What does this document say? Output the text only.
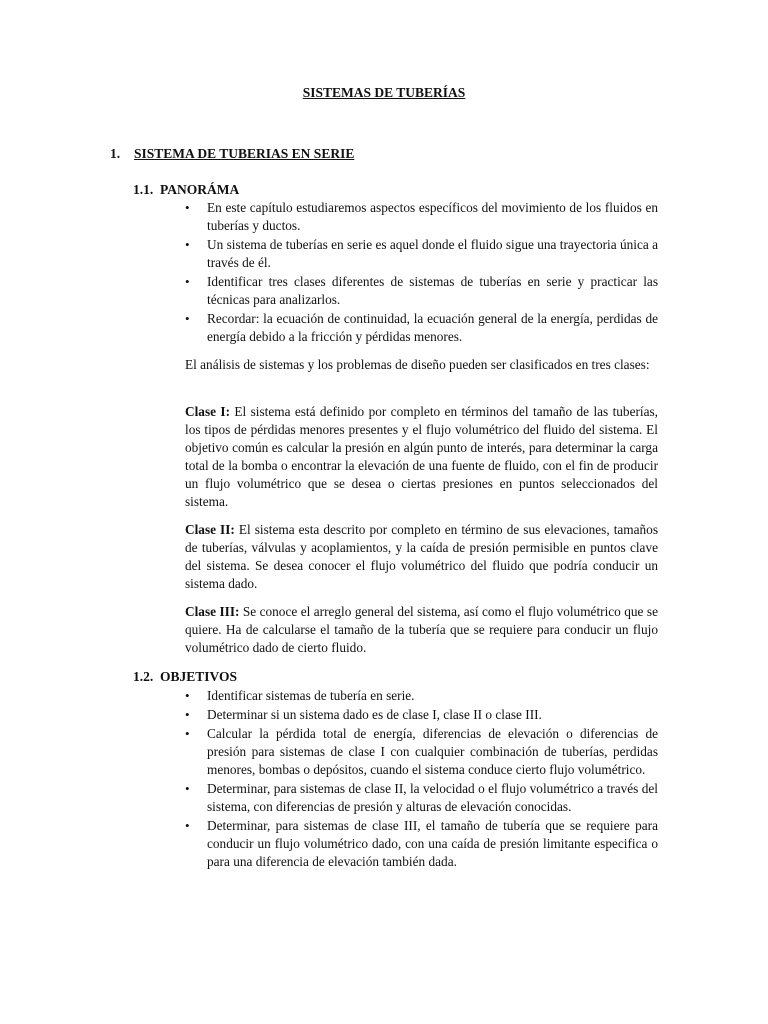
SISTEMAS DE TUBERÍAS
1. SISTEMA DE TUBERIAS EN SERIE
1.1. PANORÁMA
• En este capítulo estudiaremos aspectos específicos del movimiento de los fluidos en tuberías y ductos.
• Un sistema de tuberías en serie es aquel donde el fluido sigue una trayectoria única a través de él.
• Identificar tres clases diferentes de sistemas de tuberías en serie y practicar las técnicas para analizarlos.
• Recordar: la ecuación de continuidad, la ecuación general de la energía, perdidas de energía debido a la fricción y pérdidas menores.

El análisis de sistemas y los problemas de diseño pueden ser clasificados en tres clases:

Clase I: El sistema está definido por completo en términos del tamaño de las tuberías, los tipos de pérdidas menores presentes y el flujo volumétrico del fluido del sistema. El objetivo común es calcular la presión en algún punto de interés, para determinar la carga total de la bomba o encontrar la elevación de una fuente de fluido, con el fin de producir un flujo volumétrico que se desea o ciertas presiones en puntos seleccionados del sistema.

Clase II: El sistema esta descrito por completo en término de sus elevaciones, tamaños de tuberías, válvulas y acoplamientos, y la caída de presión permisible en puntos clave del sistema. Se desea conocer el flujo volumétrico del fluido que podría conducir un sistema dado.

Clase III: Se conoce el arreglo general del sistema, así como el flujo volumétrico que se quiere. Ha de calcularse el tamaño de la tubería que se requiere para conducir un flujo volumétrico dado de cierto fluido.

1.2. OBJETIVOS
• Identificar sistemas de tubería en serie.
• Determinar si un sistema dado es de clase I, clase II o clase III.
• Calcular la pérdida total de energía, diferencias de elevación o diferencias de presión para sistemas de clase I con cualquier combinación de tuberías, perdidas menores, bombas o depósitos, cuando el sistema conduce cierto flujo volumétrico.
• Determinar, para sistemas de clase II, la velocidad o el flujo volumétrico a través del sistema, con diferencias de presión y alturas de elevación conocidas.
• Determinar, para sistemas de clase III, el tamaño de tubería que se requiere para conducir un flujo volumétrico dado, con una caída de presión limitante especifica o para una diferencia de elevación también dada.
